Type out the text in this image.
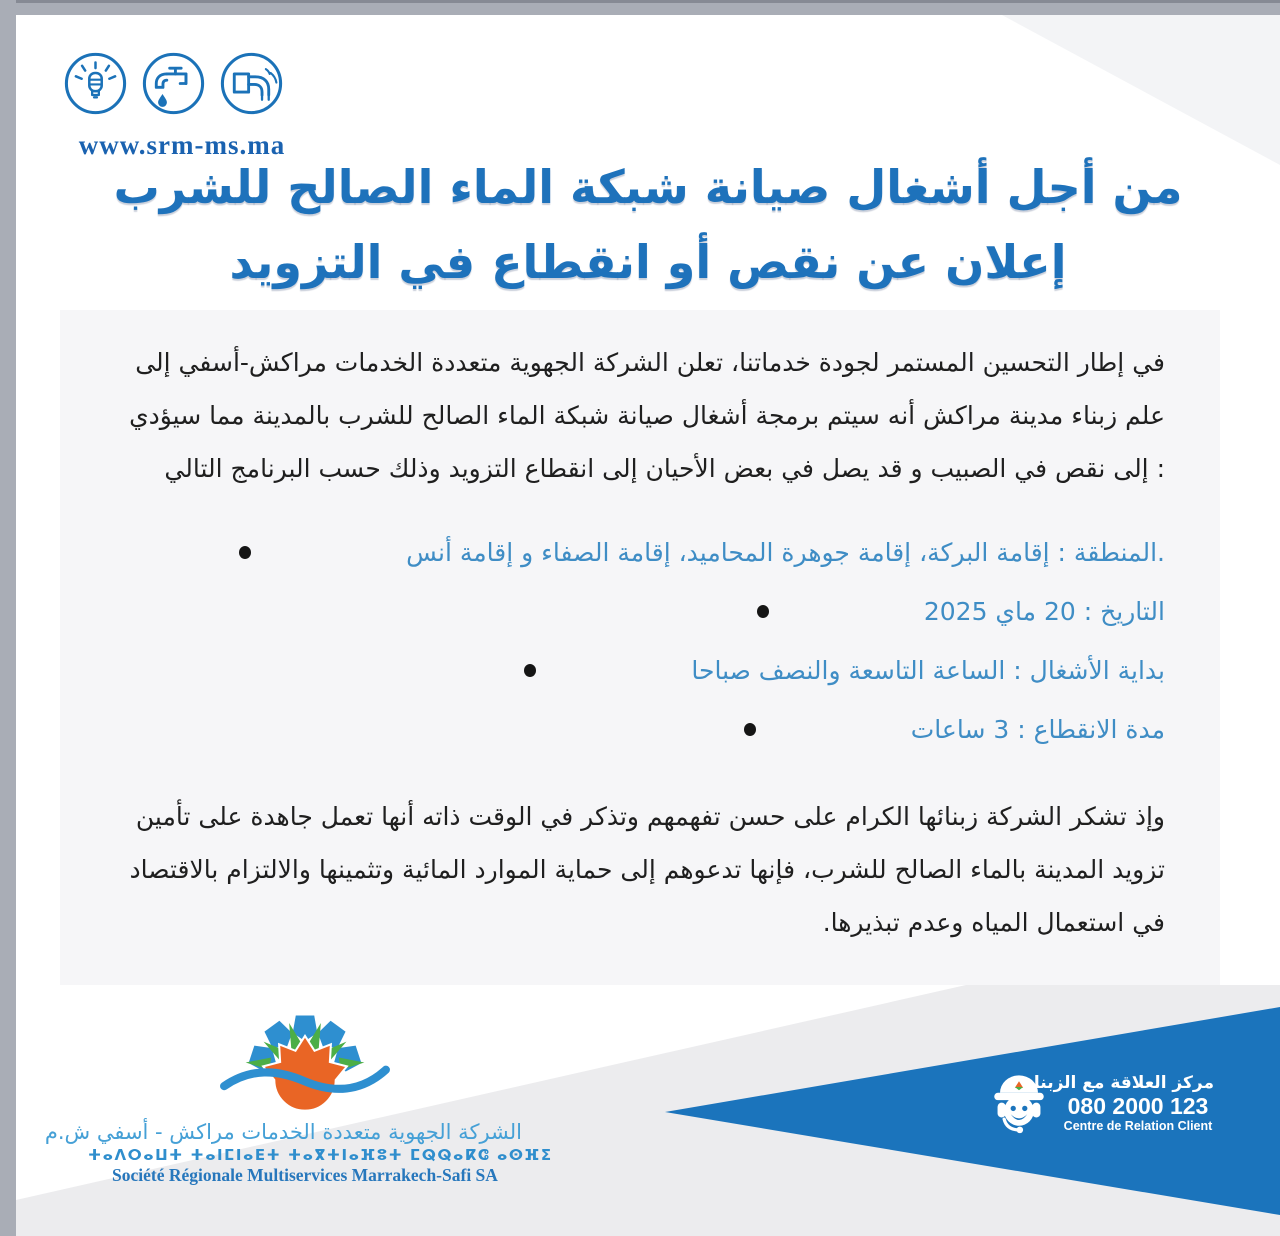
www.srm-ms.ma
من أجل أشغال صيانة شبكة الماء الصالح للشرب
إعلان عن نقص أو انقطاع في التزويد
في إطار التحسين المستمر لجودة خدماتنا، تعلن الشركة الجهوية متعددة الخدمات مراكش-أسفي إلى
علم زبناء مدينة مراكش أنه سيتم برمجة أشغال صيانة شبكة الماء الصالح للشرب بالمدينة مما سيؤدي
: إلى نقص في الصبيب و قد يصل في بعض الأحيان إلى انقطاع التزويد وذلك حسب البرنامج التالي
.المنطقة : إقامة البركة، إقامة جوهرة المحاميد، إقامة الصفاء و إقامة أنس
التاريخ : 20 ماي 2025
بداية الأشغال : الساعة التاسعة والنصف صباحا
مدة الانقطاع : 3 ساعات
وإذ تشكر الشركة زبنائها الكرام على حسن تفهمهم وتذكر في الوقت ذاته أنها تعمل جاهدة على تأمين
تزويد المدينة بالماء الصالح للشرب، فإنها تدعوهم إلى حماية الموارد المائية وتثمينها والالتزام بالاقتصاد
في استعمال المياه وعدم تبذيرها.
الشركة الجهوية متعددة الخدمات مراكش - أسفي ش.م
ⵜⴰⴷⵔⴰⵡⵜ ⵜⴰⵏⵎⵏⴰⴹⵜ ⵜⴰⴳⵜⵏⴰⴼⵓⵜ ⵎⵕⵕⴰⴽⵛ ⴰⵙⴼⵉ
Société Régionale Multiservices Marrakech-Safi SA
مركز العلاقة مع الزبناء
080 2000 123
Centre de Relation Client
